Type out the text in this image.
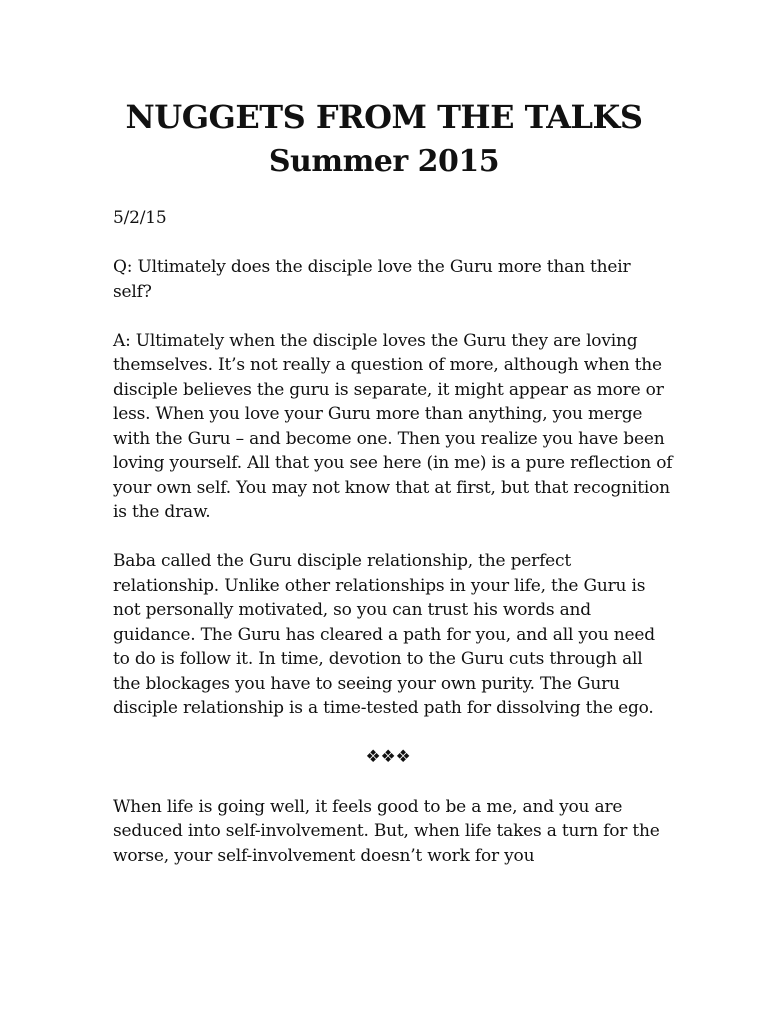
NUGGETS FROM THE TALKS
Summer 2015

5/2/15

Q: Ultimately does the disciple love the Guru more than their self?

A: Ultimately when the disciple loves the Guru they are loving themselves. It’s not really a question of more, although when the disciple believes the guru is separate, it might appear as more or less. When you love your Guru more than anything, you merge with the Guru – and become one. Then you realize you have been loving yourself. All that you see here (in me) is a pure reflection of your own self. You may not know that at first, but that recognition is the draw.

Baba called the Guru disciple relationship, the perfect relationship. Unlike other relationships in your life, the Guru is not personally motivated, so you can trust his words and guidance. The Guru has cleared a path for you, and all you need to do is follow it. In time, devotion to the Guru cuts through all the blockages you have to seeing your own purity. The Guru disciple relationship is a time-tested path for dissolving the ego.

❖❖❖

When life is going well, it feels good to be a me, and you are seduced into self-involvement. But, when life takes a turn for the worse, your self-involvement doesn’t work for you
